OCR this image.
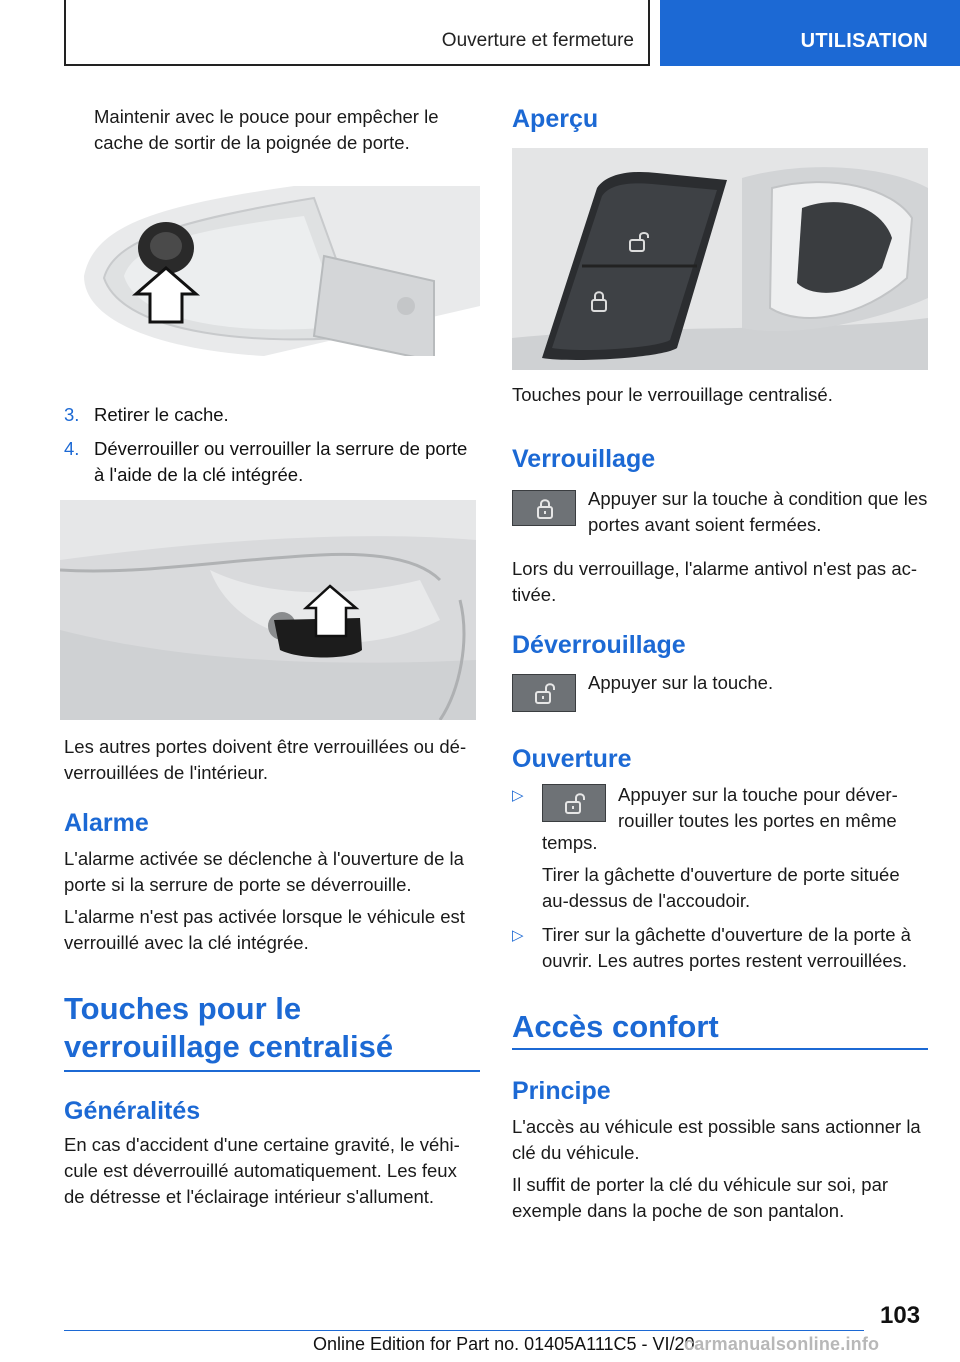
Ouverture et fermeture	UTILISATION

Maintenir avec le pouce pour empêcher le cache de sortir de la poignée de porte.

3. Retirer le cache.
4. Déverrouiller ou verrouiller la serrure de porte à l'aide de la clé intégrée.

Les autres portes doivent être verrouillées ou déverrouillées de l'intérieur.

Alarme

L'alarme activée se déclenche à l'ouverture de la porte si la serrure de porte se déverrouille.

L'alarme n'est pas activée lorsque le véhicule est verrouillé avec la clé intégrée.

Touches pour le
verrouillage centralisé
Généralités

En cas d'accident d'une certaine gravité, le véhicule est déverrouillé automatiquement. Les feux de détresse et l'éclairage intérieur s'allument.

Aperçu

Touches pour le verrouillage centralisé.

Verrouillage

Appuyer sur la touche à condition que les portes avant soient fermées.

Lors du verrouillage, l'alarme antivol n'est pas activée.

Déverrouillage

Appuyer sur la touche.

Ouverture
▷	Appuyer sur la touche pour déverrouiller toutes les portes en même

temps.

Tirer la gâchette d'ouverture de porte située au-dessus de l'accoudoir.

▷ Tirer sur la gâchette d'ouverture de la porte à ouvrir. Les autres portes restent verrouillées.

Accès confort
Principe

L'accès au véhicule est possible sans actionner la clé du véhicule.

Il suffit de porter la clé du véhicule sur soi, par exemple dans la poche de son pantalon.

103
Online Edition for Part no. 01405A111C5 - VI/20
carmanualsonline.info
